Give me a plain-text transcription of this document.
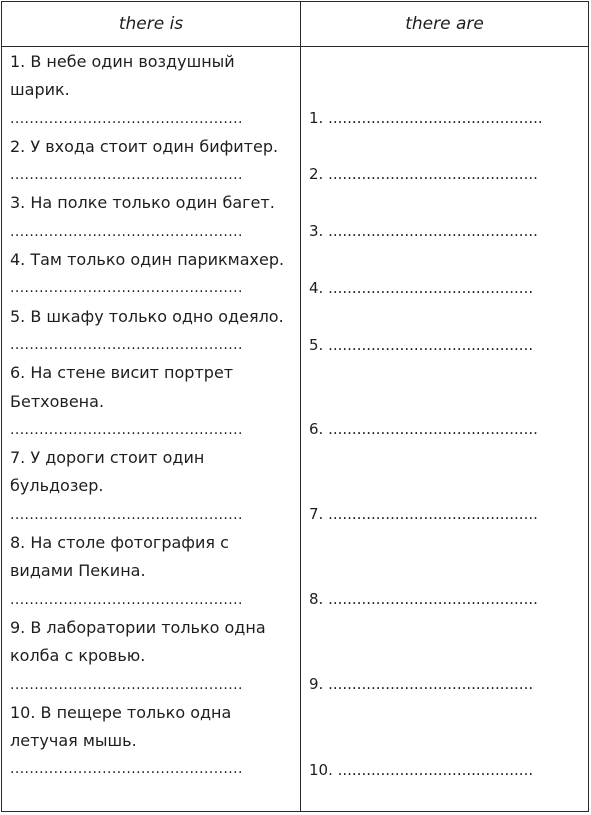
there is	there are
1. В небе один воздушный шарик.
................................................
2. У входа стоит один бифитер.
................................................
3. На полке только один багет.
................................................
4. Там только один парикмахер.
................................................
5. В шкафу только одно одеяло.
................................................
6. На стене висит портрет Бетховена.
................................................
7. У дороги стоит один бульдозер.
................................................
8. На столе фотография с видами Пекина.
................................................
9. В лаборатории только одна колба с кровью.
................................................
10. В пещере только одна летучая мышь.
................................................
1. .............................................
2. ............................................
3. ............................................
4. ...........................................
5. ...........................................
6. ............................................
7. ............................................
8. ............................................
9. ...........................................
10. .........................................
